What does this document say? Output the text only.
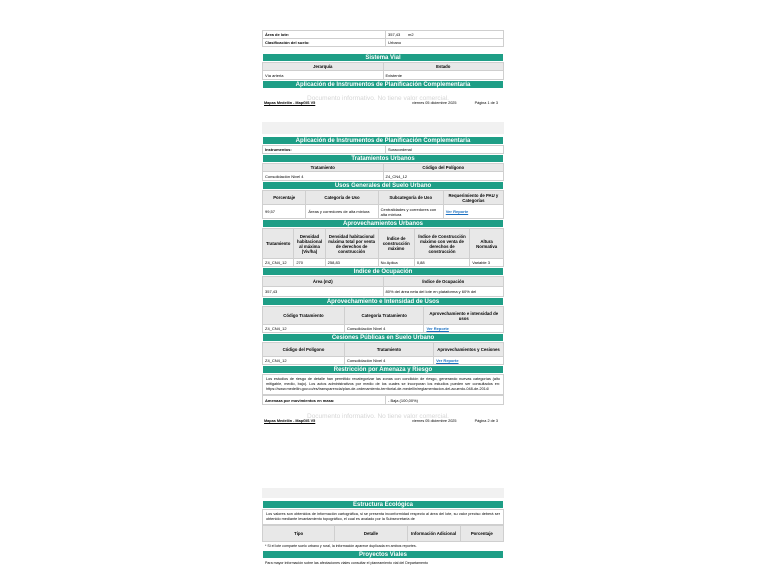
Área de lote:	357,43 m2
Clasificación del suelo:	Urbano
Sistema Vial
Jerarquía	Estado
Vía arteria	Existente
Aplicación de Instrumentos de Planificación Complementaria
Documento informativo. No tiene valor comercial.
Mapas Medellín - MapGIS V5	viernes 05 diciembre 2025	Página 1 de 3
Aplicación de Instrumentos de Planificación Complementaria
Instrumentos:	Suracordenal
Tratamientos Urbanos
Tratamiento	Código del Polígono
Consolidación Nivel 4	Z4_CN4_12
Usos Generales del Suelo Urbano
Porcentaje	Categoría de Uso	Subcategoría de Uso	Requerimiento de PAU y Categorías
99,57	Áreas y corredores de alta mixtura	Centralidades y corredores con alta mixtura	Ver Reporte
Aprovechamientos Urbanos
Tratamiento	Densidad habitacional al máxima (Viv/ha)	Densidad habitacional máxima total por venta de derechos de construcción	Índice de construcción máximo	Índice de Construcción máximo con venta de derechos de construcción	Altura Normativa
Z4_CN4_12	270	258,83	No Aplica	0,88	Variable 3
Indice de Ocupación
Área (m2)	Índice de Ocupación
357,43	80% del área neta del lote en plataforma y 60% del
Aprovechamiento e Intensidad de Usos
Código Tratamiento	Categoría Tratamiento	Aprovechamiento e intensidad de usos
Z4_CN4_12	Consolidación Nivel 4	Ver Reporte
Cesiones Públicas en Suelo Urbano
Código del Polígono	Tratamiento	Aprovechamientos y Cesiones
Z4_CN4_12	Consolidación Nivel 4	Ver Reporte
Restricción por Amenaza y Riesgo
Los estudios de riesgo de detalle han permitido recategorizar las zonas con condición de riesgo, generando nuevas categorías (alto mitigable, medio, bajo). Los actos administrativos por medio de los cuales se incorporan los estudios pueden ser consultados en: https://www.medellin.gov.co/es/transparencia/plan-de-ordenamiento-territorial-de-medellin/reglamentacion-del-acuerdo-048-de-2014/
Amenaza por movimientos en masa:	- Baja (100,00%)
Documento informativo. No tiene valor comercial.
Mapas Medellín - MapGIS V5	viernes 05 diciembre 2025	Página 2 de 3
Estructura Ecológica
Los valores son obtenidos de información cartográfica, si se presenta inconformidad respecto al área del lote, su valor preciso deberá ser obtenido mediante levantamiento topográfico, el cual es avalado por la Subsecretaría de
Tipo	Detalle	Información Adicional	Porcentaje
* Si el lote comparte suelo urbano y rural, la información aparece duplicada en ambos reportes.
Proyectos Viales
Para mayor información sobre las afectaciones viales consultar el planeamiento vial del Departamento
